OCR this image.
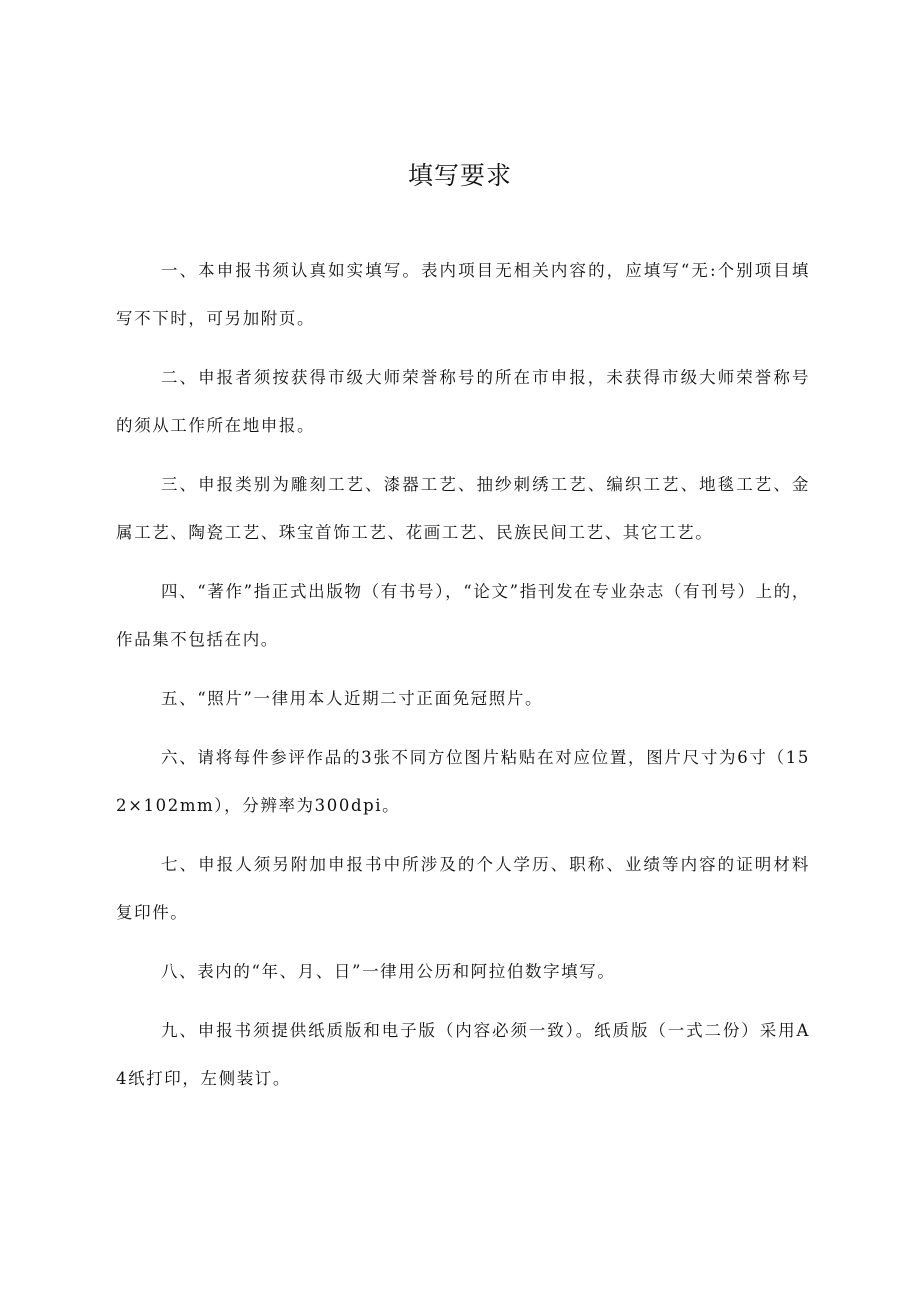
填写要求

一、本申报书须认真如实填写。表内项目无相关内容的，应填写“无:个别项目填写不下时，可另加附页。

二、申报者须按获得市级大师荣誉称号的所在市申报，未获得市级大师荣誉称号的须从工作所在地申报。

三、申报类别为雕刻工艺、漆器工艺、抽纱刺绣工艺、编织工艺、地毯工艺、金属工艺、陶瓷工艺、珠宝首饰工艺、花画工艺、民族民间工艺、其它工艺。

四、“著作”指正式出版物（有书号），“论文”指刊发在专业杂志（有刊号）上的，作品集不包括在内。

五、“照片”一律用本人近期二寸正面免冠照片。

六、请将每件参评作品的3张不同方位图片粘贴在对应位置，图片尺寸为6寸（152×102mm），分辨率为300dpi。

七、申报人须另附加申报书中所涉及的个人学历、职称、业绩等内容的证明材料复印件。

八、表内的“年、月、日”一律用公历和阿拉伯数字填写。

九、申报书须提供纸质版和电子版（内容必须一致）。纸质版（一式二份）采用A4纸打印，左侧装订。
